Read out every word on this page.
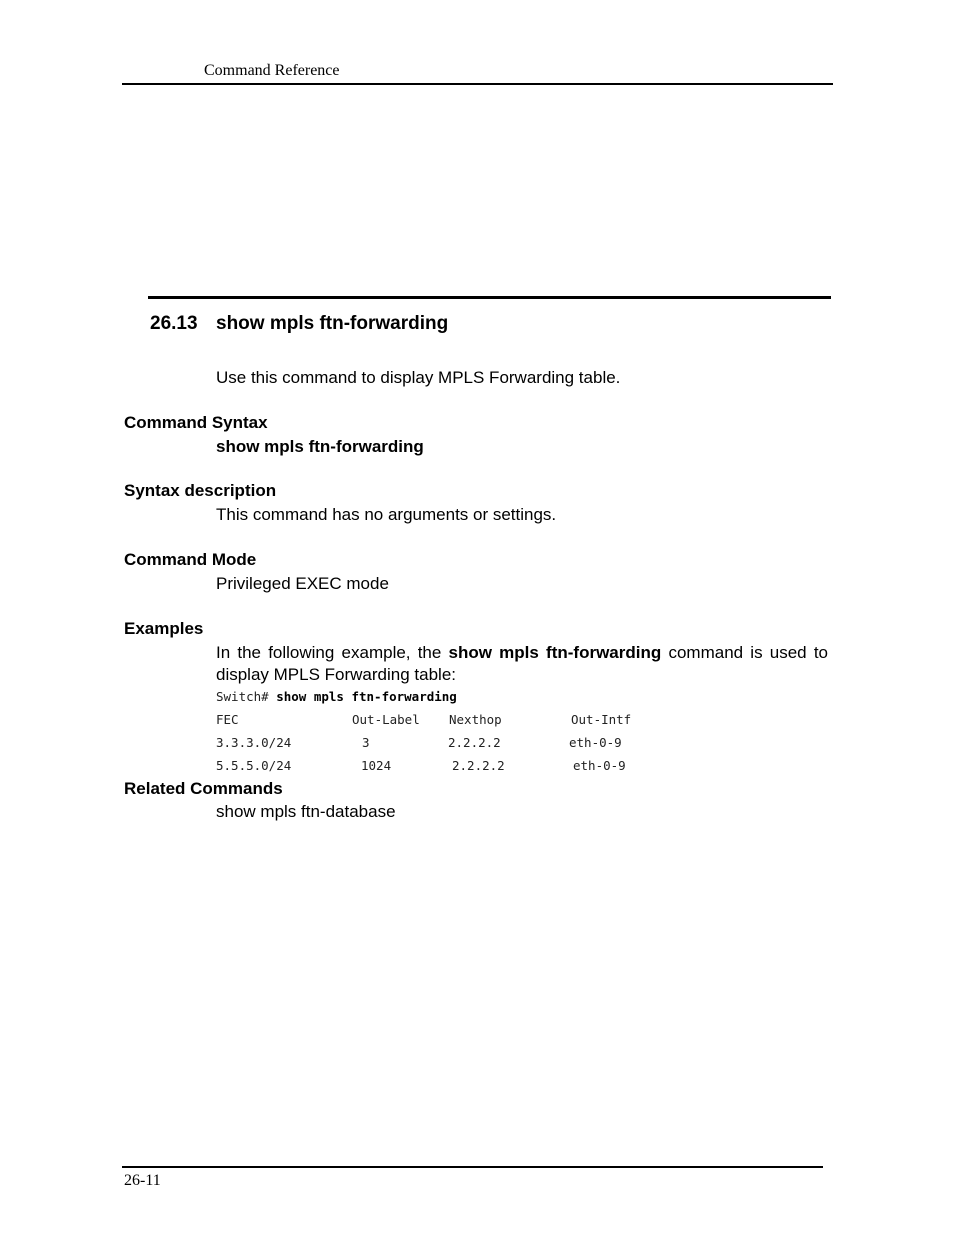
Command Reference
26.13 show mpls ftn-forwarding
Use this command to display MPLS Forwarding table.
Command Syntax
show mpls ftn-forwarding
Syntax description
This command has no arguments or settings.
Command Mode
Privileged EXEC mode
Examples
In the following example, the show mpls ftn-forwarding command is used to display MPLS Forwarding table:
Switch# show mpls ftn-forwarding
FEC	Out-Label Nexthop	Out-Intf
3.3.3.0/24	3	2.2.2.2	eth-0-9
5.5.5.0/24	1024	2.2.2.2	eth-0-9
Related Commands
show mpls ftn-database
26-11
